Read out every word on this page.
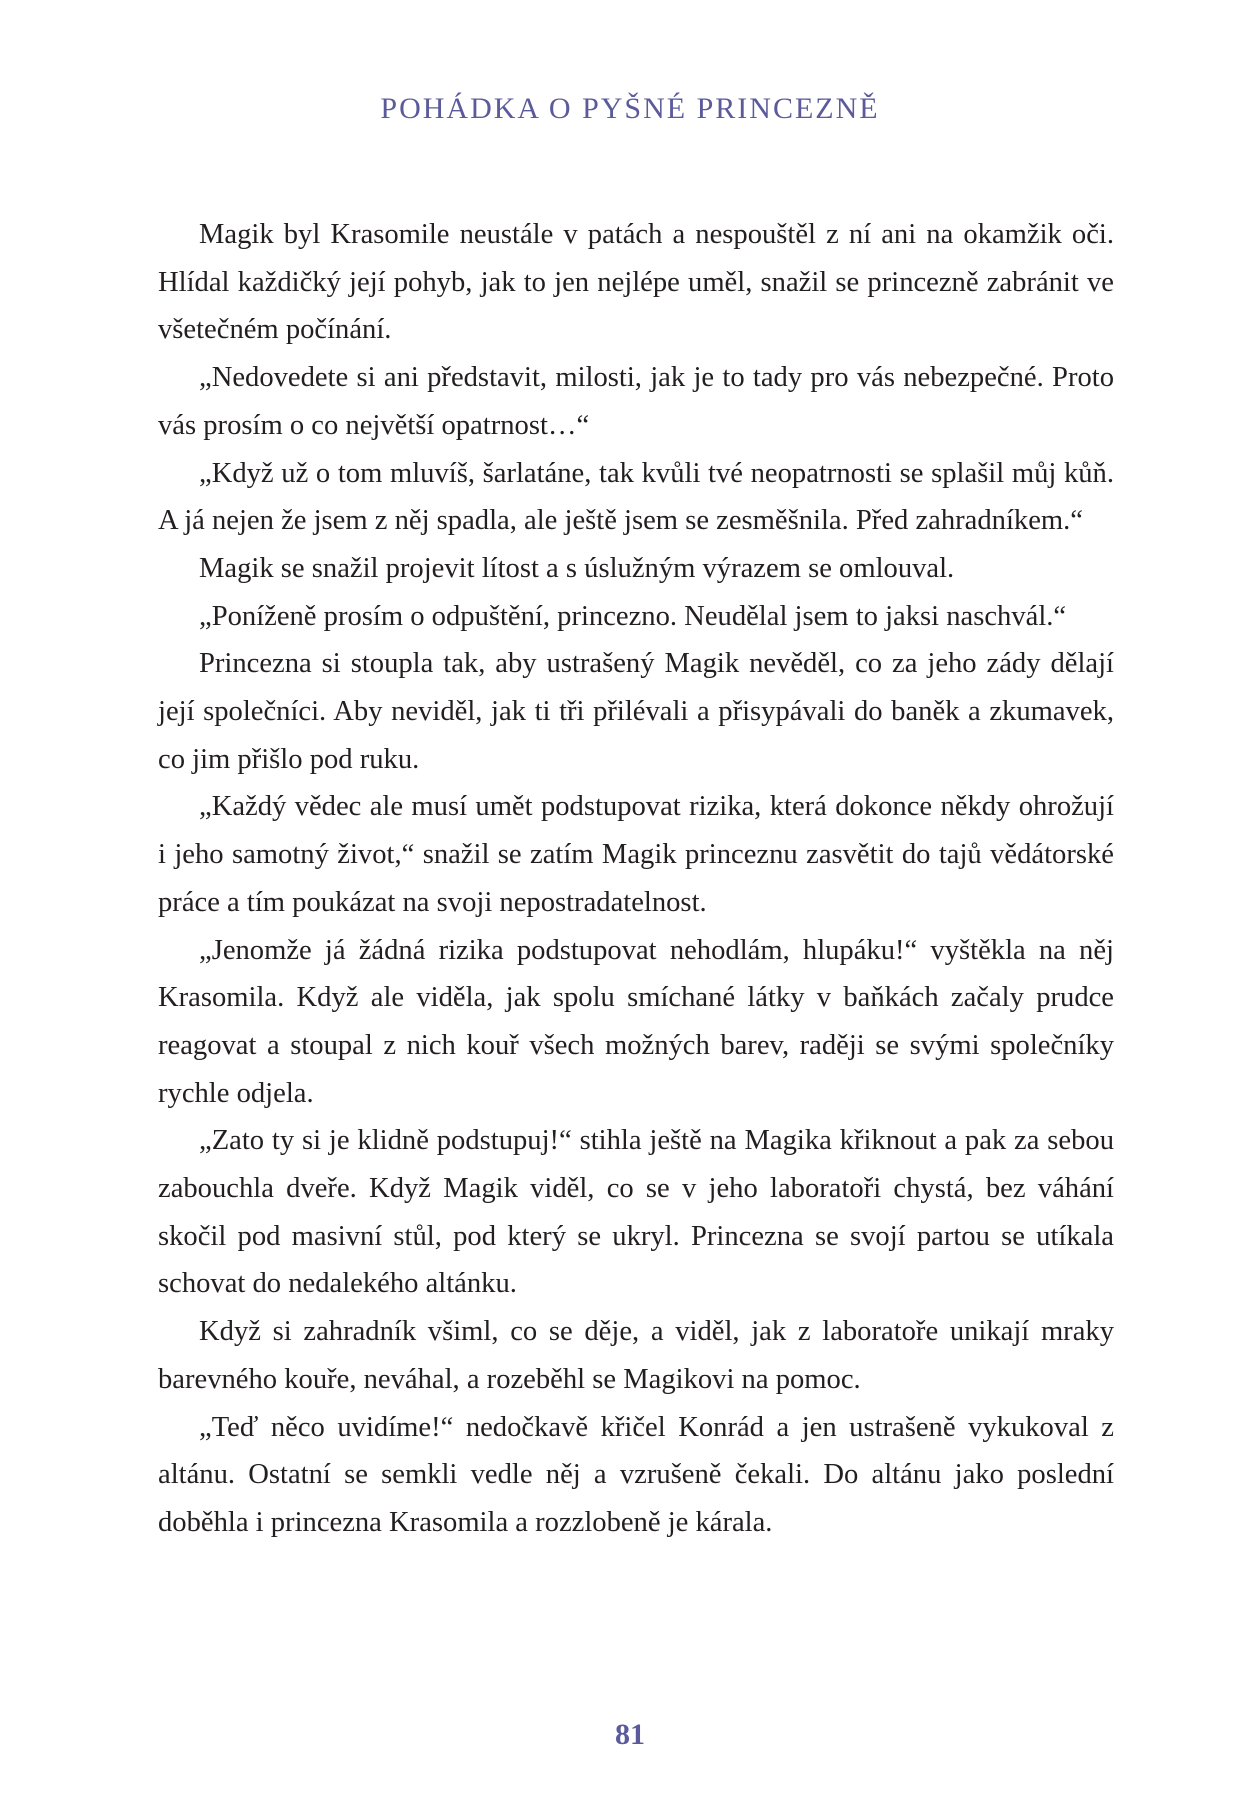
POHÁDKA O PYŠNÉ PRINCEZNĚ

Magik byl Krasomile neustále v patách a nespouštěl z ní ani na okamžik oči. Hlídal každičký její pohyb, jak to jen nejlépe uměl, snažil se princezně zabránit ve všetečném počínání.

„Nedovedete si ani představit, milosti, jak je to tady pro vás nebezpečné. Proto vás prosím o co největší opatrnost…“

„Když už o tom mluvíš, šarlatáne, tak kvůli tvé neopatrnosti se splašil můj kůň. A já nejen že jsem z něj spadla, ale ještě jsem se zesměšnila. Před zahradníkem.“

Magik se snažil projevit lítost a s úslužným výrazem se omlouval.

„Poníženě prosím o odpuštění, princezno. Neudělal jsem to jaksi naschvál.“

Princezna si stoupla tak, aby ustrašený Magik nevěděl, co za jeho zády dělají její společníci. Aby neviděl, jak ti tři přilévali a přisypávali do baněk a zkumavek, co jim přišlo pod ruku.

„Každý vědec ale musí umět podstupovat rizika, která dokonce někdy ohrožují i jeho samotný život,“ snažil se zatím Magik princeznu zasvětit do tajů vědátorské práce a tím poukázat na svoji nepostradatelnost.

„Jenomže já žádná rizika podstupovat nehodlám, hlupáku!“ vyštěkla na něj Krasomila. Když ale viděla, jak spolu smíchané látky v baňkách začaly prudce reagovat a stoupal z nich kouř všech možných barev, raději se svými společníky rychle odjela.

„Zato ty si je klidně podstupuj!“ stihla ještě na Magika křiknout a pak za sebou zabouchla dveře. Když Magik viděl, co se v jeho laboratoři chystá, bez váhání skočil pod masivní stůl, pod který se ukryl. Princezna se svojí partou se utíkala schovat do nedalekého altánku.

Když si zahradník všiml, co se děje, a viděl, jak z laboratoře unikají mraky barevného kouře, neváhal, a rozeběhl se Magikovi na pomoc.

„Teď něco uvidíme!“ nedočkavě křičel Konrád a jen ustrašeně vykukoval z altánu. Ostatní se semkli vedle něj a vzrušeně čekali. Do altánu jako poslední doběhla i princezna Krasomila a rozzlobeně je kárala.

81
